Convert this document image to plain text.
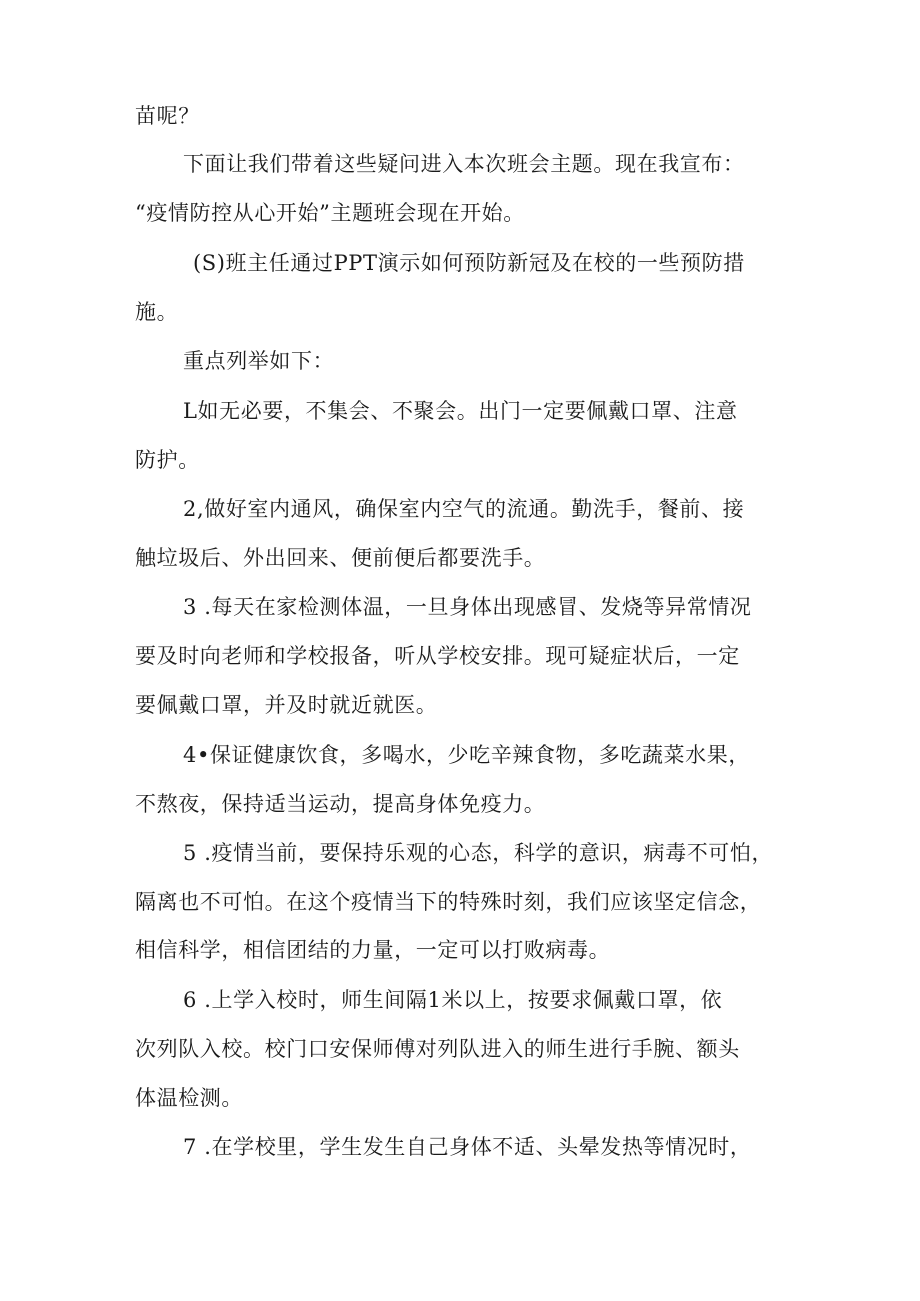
苗呢？
下面让我们带着这些疑问进入本次班会主题。现在我宣布：
“疫情防控从心开始”主题班会现在开始。
(S)班主任通过PPT演示如何预防新冠及在校的一些预防措
施。
重点列举如下：
L如无必要，不集会、不聚会。出门一定要佩戴口罩、注意
防护。
2,做好室内通风，确保室内空气的流通。勤洗手，餐前、接
触垃圾后、外出回来、便前便后都要洗手。
3 .每天在家检测体温，一旦身体出现感冒、发烧等异常情况
要及时向老师和学校报备，听从学校安排。现可疑症状后，一定
要佩戴口罩，并及时就近就医。
4•保证健康饮食，多喝水，少吃辛辣食物，多吃蔬菜水果，
不熬夜，保持适当运动，提高身体免疫力。
5 .疫情当前，要保持乐观的心态，科学的意识，病毒不可怕，
隔离也不可怕。在这个疫情当下的特殊时刻，我们应该坚定信念，
相信科学，相信团结的力量，一定可以打败病毒。
6 .上学入校时，师生间隔1米以上，按要求佩戴口罩，依
次列队入校。校门口安保师傅对列队进入的师生进行手腕、额头
体温检测。
7 .在学校里，学生发生自己身体不适、头晕发热等情况时，
